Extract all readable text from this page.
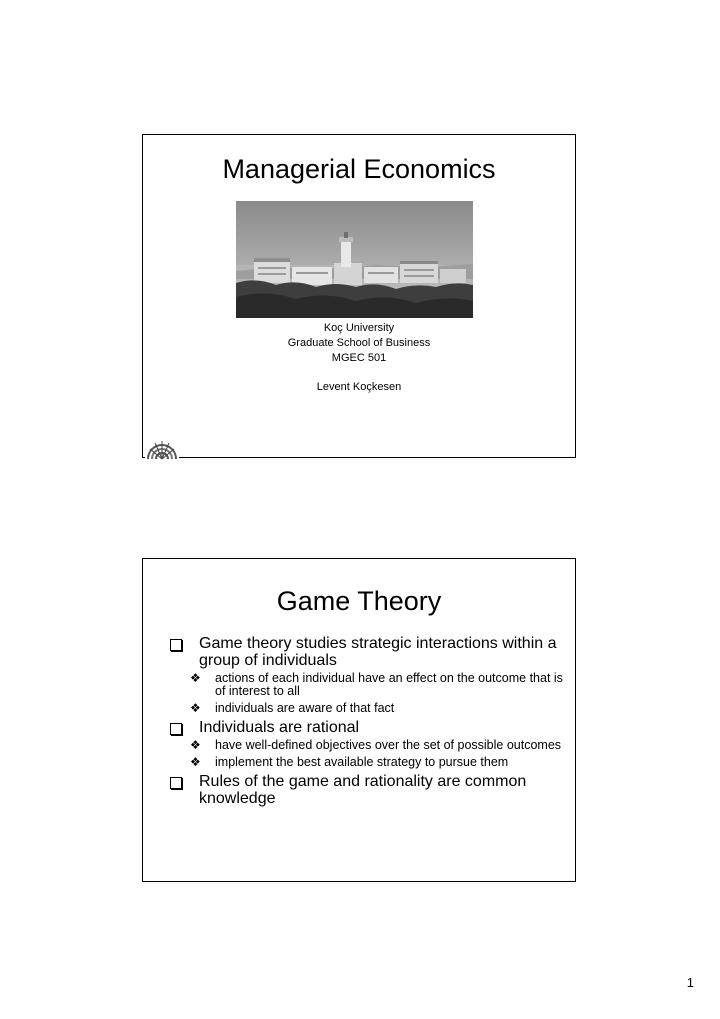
Managerial Economics
Koç University
Graduate School of Business
MGEC 501
Levent Koçkesen
Game Theory
Game theory studies strategic interactions within a group of individuals
❖ actions of each individual have an effect on the outcome that is of interest to all
❖ individuals are aware of that fact
Individuals are rational
❖ have well-defined objectives over the set of possible outcomes
❖ implement the best available strategy to pursue them
Rules of the game and rationality are common knowledge
1
